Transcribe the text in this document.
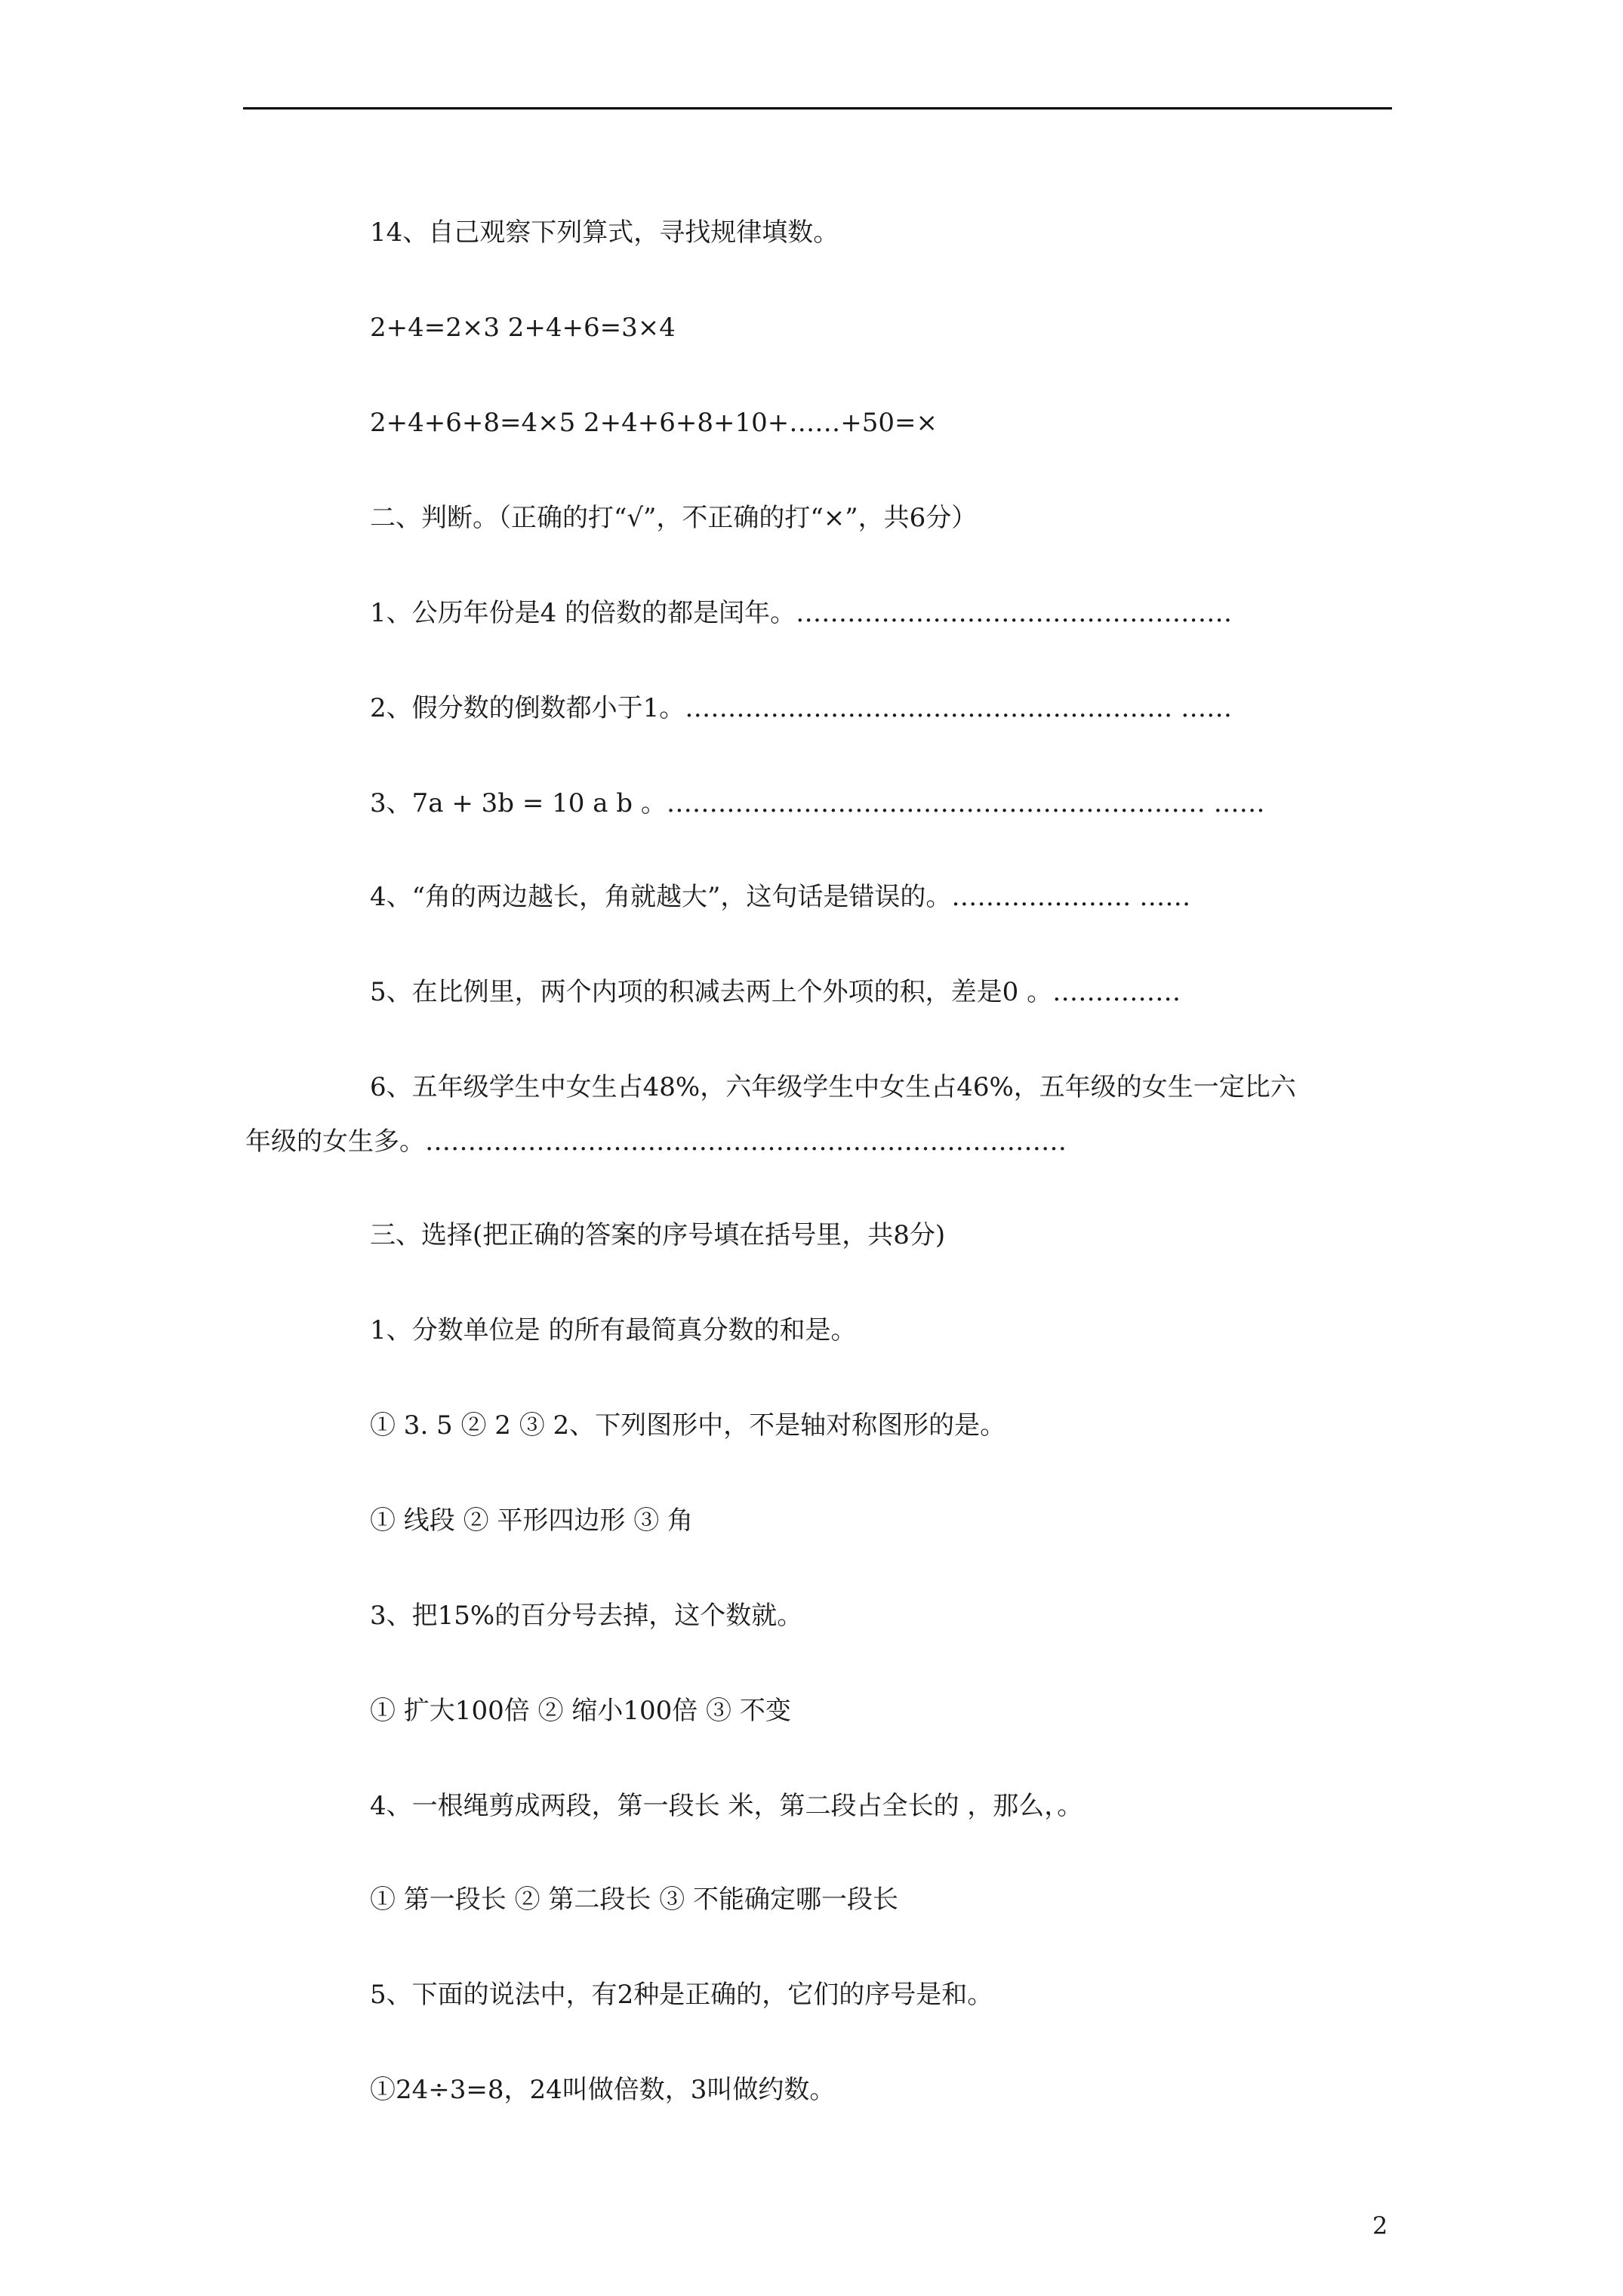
14、自己观察下列算式，寻找规律填数。
2+4=2×3 2+4+6=3×4
2+4+6+8=4×5 2+4+6+8+10+……+50=×
二、判断。（正确的打“√”，不正确的打“×”，共6分）
1、公历年份是4 的倍数的都是闰年。……………………………………………
2、假分数的倒数都小于1。………………………………………………… ……
3、7a + 3b = 10 a b 。……………………………………………………… ……
4、“角的两边越长，角就越大”，这句话是错误的。………………… ……
5、在比例里，两个内项的积减去两上个外项的积，差是0 。……………
6、五年级学生中女生占48%，六年级学生中女生占46%，五年级的女生一定比六
年级的女生多。…………………………………………………………………
三、选择(把正确的答案的序号填在括号里，共8分)
1、分数单位是 的所有最简真分数的和是。
① 3. 5 ② 2 ③ 2、下列图形中，不是轴对称图形的是。
① 线段 ② 平形四边形 ③ 角
3、把15%的百分号去掉，这个数就。
① 扩大100倍 ② 缩小100倍 ③ 不变
4、一根绳剪成两段，第一段长 米，第二段占全长的 ，那么，。
① 第一段长 ② 第二段长 ③ 不能确定哪一段长
5、下面的说法中，有2种是正确的，它们的序号是和。
①24÷3=8，24叫做倍数，3叫做约数。
2
